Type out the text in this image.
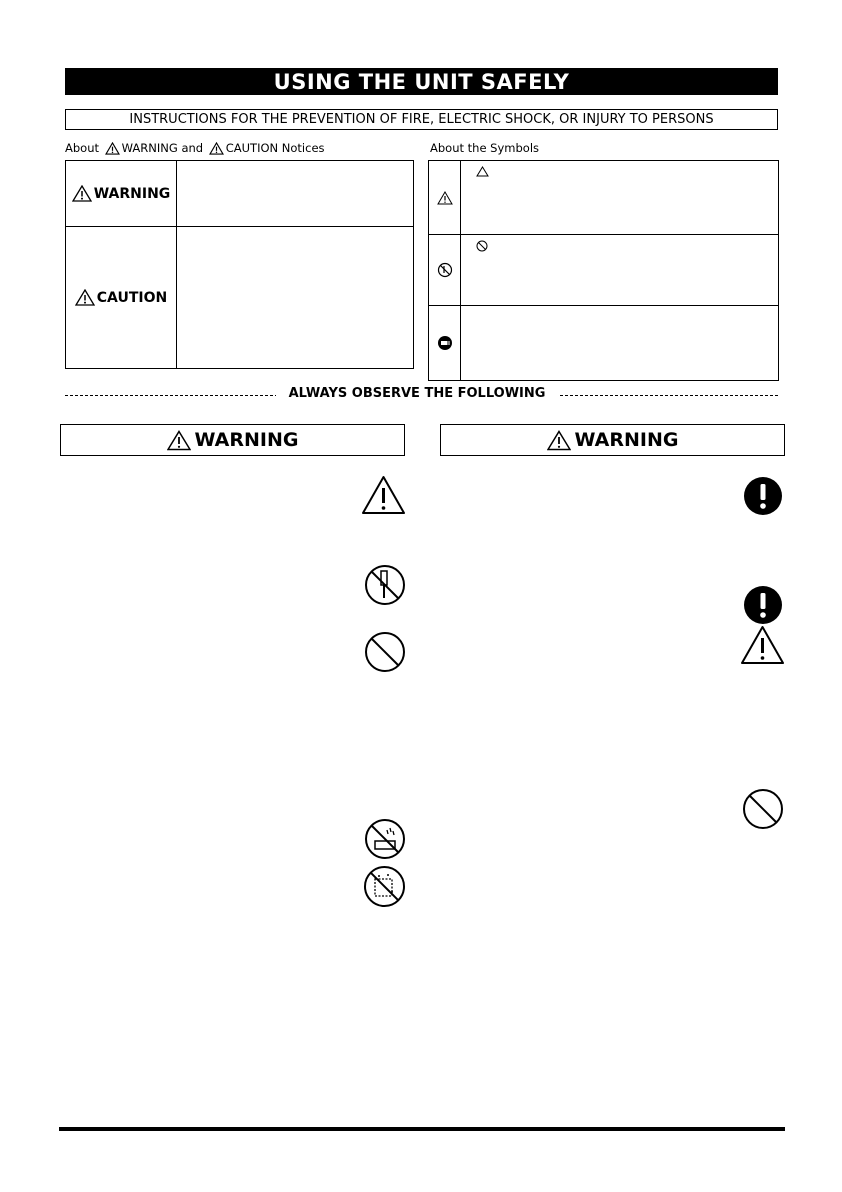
USING THE UNIT SAFELY
INSTRUCTIONS FOR THE PREVENTION OF FIRE, ELECTRIC SHOCK, OR INJURY TO PERSONS
About
WARNING
and
CAUTION
Notices	About the Symbols
WARNING
CAUTION
ALWAYS OBSERVE THE FOLLOWING
WARNING	WARNING
